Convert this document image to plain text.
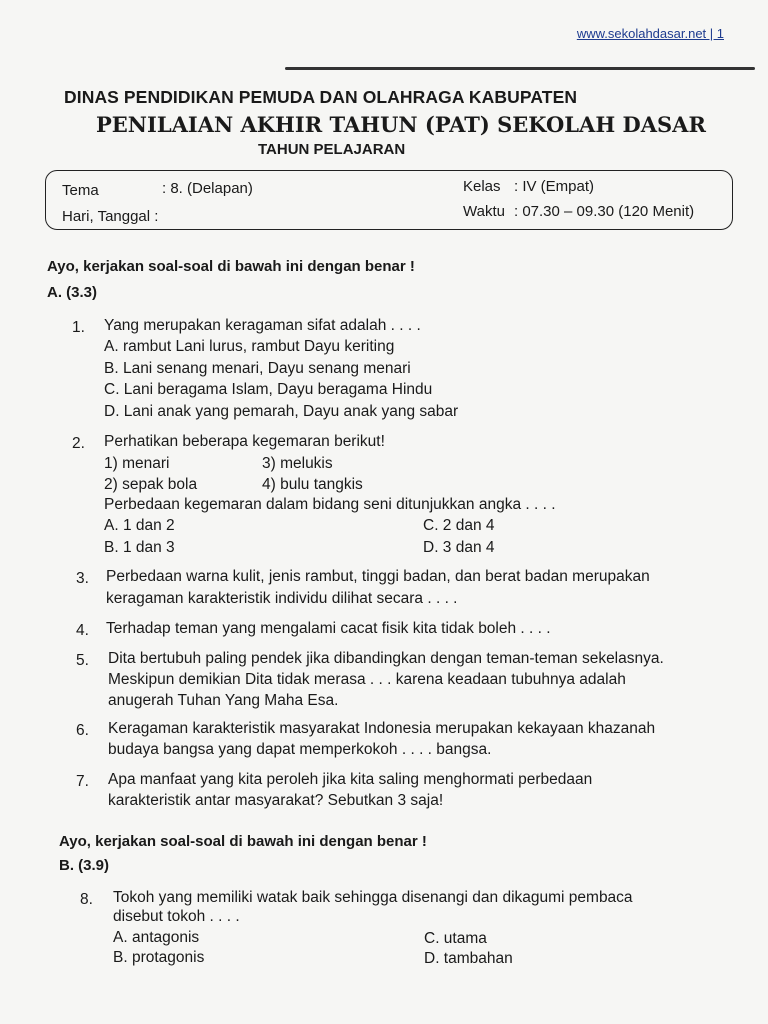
www.sekolahdasar.net | 1
DINAS PENDIDIKAN PEMUDA DAN OLAHRAGA KABUPATEN
PENILAIAN AKHIR TAHUN (PAT) SEKOLAH DASAR
TAHUN PELAJARAN
Tema	: 8. (Delapan)
Hari, Tanggal :
Kelas : IV (Empat)
Waktu : 07.30 – 09.30 (120 Menit)
Ayo, kerjakan soal-soal di bawah ini dengan benar !
A. (3.3)
1. Yang merupakan keragaman sifat adalah . . . .
A. rambut Lani lurus, rambut Dayu keriting
B. Lani senang menari, Dayu senang menari
C. Lani beragama Islam, Dayu beragama Hindu
D. Lani anak yang pemarah, Dayu anak yang sabar
2. Perhatikan beberapa kegemaran berikut!
1) menari	3) melukis
2) sepak bola	4) bulu tangkis
Perbedaan kegemaran dalam bidang seni ditunjukkan angka . . . .
A. 1 dan 2	C. 2 dan 4
B. 1 dan 3	D. 3 dan 4
3. Perbedaan warna kulit, jenis rambut, tinggi badan, dan berat badan merupakan
keragaman karakteristik individu dilihat secara . . . .
4. Terhadap teman yang mengalami cacat fisik kita tidak boleh . . . .
5. Dita bertubuh paling pendek jika dibandingkan dengan teman-teman sekelasnya.
Meskipun demikian Dita tidak merasa . . . karena keadaan tubuhnya adalah
anugerah Tuhan Yang Maha Esa.
6. Keragaman karakteristik masyarakat Indonesia merupakan kekayaan khazanah
budaya bangsa yang dapat memperkokoh . . . . bangsa.
7. Apa manfaat yang kita peroleh jika kita saling menghormati perbedaan
karakteristik antar masyarakat? Sebutkan 3 saja!
Ayo, kerjakan soal-soal di bawah ini dengan benar !
B. (3.9)
8. Tokoh yang memiliki watak baik sehingga disenangi dan dikagumi pembaca
disebut tokoh . . . .
A. antagonis	C. utama
B. protagonis	D. tambahan
